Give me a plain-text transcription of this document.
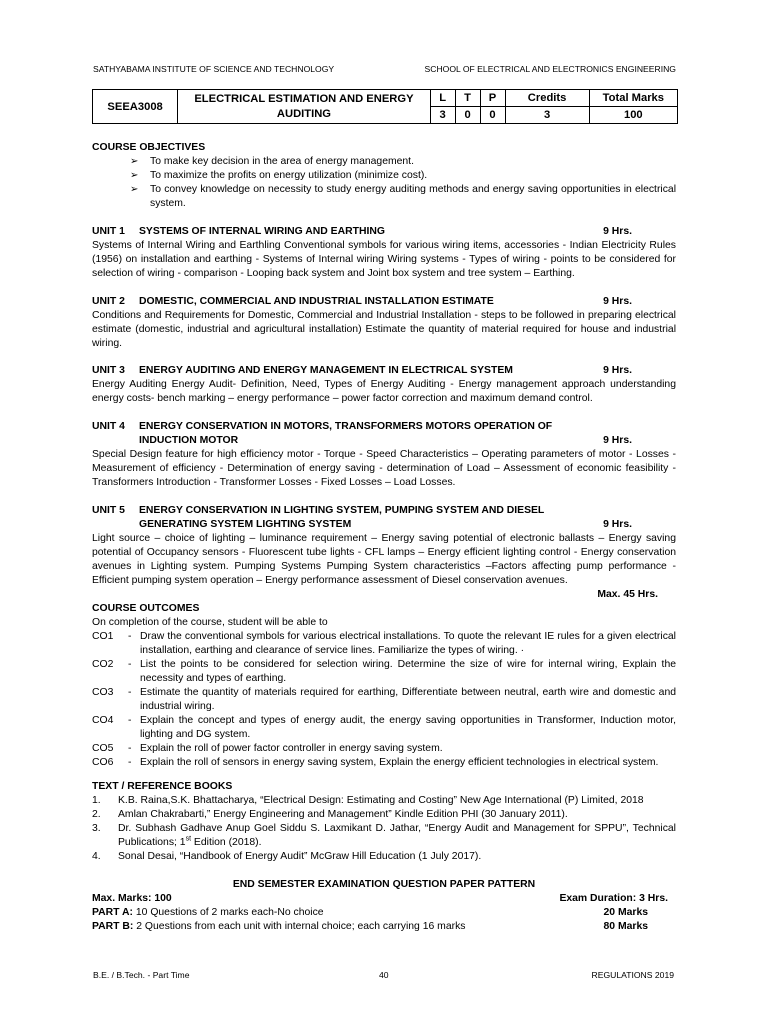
SATHYABAMA INSTITUTE OF SCIENCE AND TECHNOLOGY	SCHOOL OF ELECTRICAL AND ELECTRONICS ENGINEERING
SEEA3008	ELECTRICAL ESTIMATION AND ENERGY AUDITING	L	T	P	Credits	Total Marks
		3	0	0	3	100
COURSE OBJECTIVES
➢ To make key decision in the area of energy management.
➢ To maximize the profits on energy utilization (minimize cost).
➢ To convey knowledge on necessity to study energy auditing methods and energy saving opportunities in electrical system.
UNIT 1 SYSTEMS OF INTERNAL WIRING AND EARTHING	9 Hrs.
Systems of Internal Wiring and Earthling Conventional symbols for various wiring items, accessories - Indian Electricity Rules (1956) on installation and earthing - Systems of Internal wiring Wiring systems - Types of wiring - points to be considered for selection of wiring - comparison - Looping back system and Joint box system and tree system – Earthing.
UNIT 2 DOMESTIC, COMMERCIAL AND INDUSTRIAL INSTALLATION ESTIMATE	9 Hrs.
Conditions and Requirements for Domestic, Commercial and Industrial Installation - steps to be followed in preparing electrical estimate (domestic, industrial and agricultural installation) Estimate the quantity of material required for house and industrial wiring.
UNIT 3 ENERGY AUDITING AND ENERGY MANAGEMENT IN ELECTRICAL SYSTEM	9 Hrs.
Energy Auditing Energy Audit- Definition, Need, Types of Energy Auditing - Energy management approach understanding energy costs- bench marking – energy performance – power factor correction and maximum demand control.
UNIT 4 ENERGY CONSERVATION IN MOTORS, TRANSFORMERS MOTORS OPERATION OF
INDUCTION MOTOR	9 Hrs.
Special Design feature for high efficiency motor - Torque - Speed Characteristics – Operating parameters of motor - Losses - Measurement of efficiency - Determination of energy saving - determination of Load – Assessment of economic feasibility - Transformers Introduction - Transformer Losses - Fixed Losses – Load Losses.
UNIT 5 ENERGY CONSERVATION IN LIGHTING SYSTEM, PUMPING SYSTEM AND DIESEL
GENERATING SYSTEM LIGHTING SYSTEM	9 Hrs.
Light source – choice of lighting – luminance requirement – Energy saving potential of electronic ballasts – Energy saving potential of Occupancy sensors - Fluorescent tube lights - CFL lamps – Energy efficient lighting control - Energy conservation avenues in Lighting system. Pumping Systems Pumping System characteristics –Factors affecting pump performance - Efficient pumping system operation – Energy performance assessment of Diesel conservation avenues.
Max. 45 Hrs.
COURSE OUTCOMES
On completion of the course, student will be able to
CO1 - Draw the conventional symbols for various electrical installations. To quote the relevant IE rules for a given electrical installation, earthing and clearance of service lines. Familiarize the types of wiring. ·
CO2 - List the points to be considered for selection wiring. Determine the size of wire for internal wiring, Explain the necessity and types of earthing.
CO3 - Estimate the quantity of materials required for earthing, Differentiate between neutral, earth wire and domestic and industrial wiring.
CO4 - Explain the concept and types of energy audit, the energy saving opportunities in Transformer, Induction motor, lighting and DG system.
CO5 - Explain the roll of power factor controller in energy saving system.
CO6 - Explain the roll of sensors in energy saving system, Explain the energy efficient technologies in electrical system.
TEXT / REFERENCE BOOKS
1. K.B. Raina,S.K. Bhattacharya, “Electrical Design: Estimating and Costing” New Age International (P) Limited, 2018
2. Amlan Chakrabarti,” Energy Engineering and Management” Kindle Edition PHI (30 January 2011).
3. Dr. Subhash Gadhave Anup Goel Siddu S. Laxmikant D. Jathar, “Energy Audit and Management for SPPU”, Technical Publications; 1st Edition (2018).
4. Sonal Desai, “Handbook of Energy Audit” McGraw Hill Education (1 July 2017).
END SEMESTER EXAMINATION QUESTION PAPER PATTERN
Max. Marks: 100	Exam Duration: 3 Hrs.
PART A: 10 Questions of 2 marks each-No choice	20 Marks
PART B: 2 Questions from each unit with internal choice; each carrying 16 marks	80 Marks
B.E. / B.Tech. - Part Time	40	REGULATIONS 2019
